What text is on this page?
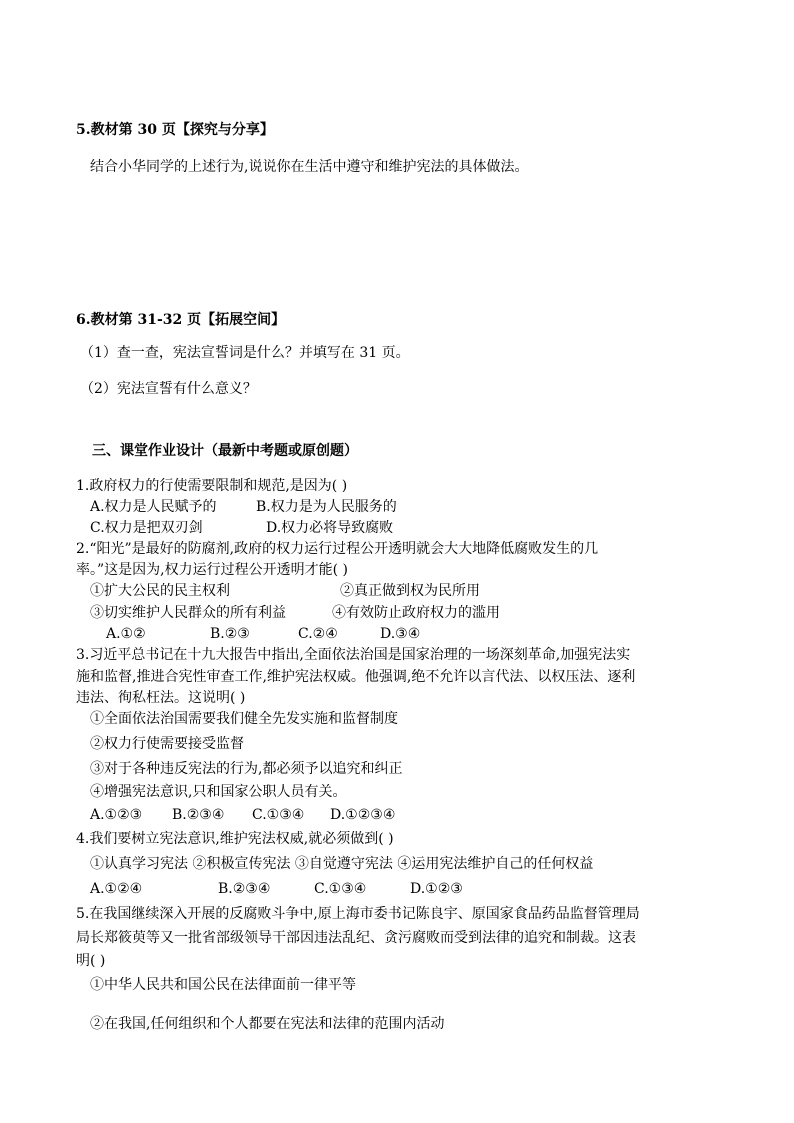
5.教材第 30 页【探究与分享】
结合小华同学的上述行为,说说你在生活中遵守和维护宪法的具体做法。
6.教材第 31-32 页【拓展空间】
（1）查一查，宪法宣誓词是什么？并填写在 31 页。
（2）宪法宣誓有什么意义？
三、课堂作业设计（最新中考题或原创题）
1.政府权力的行使需要限制和规范,是因为( )
A.权力是人民赋予的	B.权力是为人民服务的
C.权力是把双刃剑	D.权力必将导致腐败
2.“阳光”是最好的防腐剂,政府的权力运行过程公开透明就会大大地降低腐败发生的几
率。”这是因为,权力运行过程公开透明才能( )
①扩大公民的民主权利	②真正做到权为民所用
③切实维护人民群众的所有利益	④有效防止政府权力的滥用
A.①②	B.②③	C.②④	D.③④
3.习近平总书记在十九大报告中指出,全面依法治国是国家治理的一场深刻革命,加强宪法实
施和监督,推进合宪性审查工作,维护宪法权威。他强调,绝不允许以言代法、以权压法、逐利
违法、徇私枉法。这说明( )
①全面依法治国需要我们健全先发实施和监督制度
②权力行使需要接受监督
③对于各种违反宪法的行为,都必须予以追究和纠正
④增强宪法意识,只和国家公职人员有关。
A.①②③ B.②③④ C.①③④ D.①②③④
4.我们要树立宪法意识,维护宪法权威,就必须做到( )
①认真学习宪法 ②积极宣传宪法 ③自觉遵守宪法 ④运用宪法维护自己的任何权益
A.①②④	B.②③④	C.①③④	D.①②③
5.在我国继续深入开展的反腐败斗争中,原上海市委书记陈良宇、原国家食品药品监督管理局
局长郑筱萸等又一批省部级领导干部因违法乱纪、贪污腐败而受到法律的追究和制裁。这表
明( )
①中华人民共和国公民在法律面前一律平等
②在我国,任何组织和个人都要在宪法和法律的范围内活动
